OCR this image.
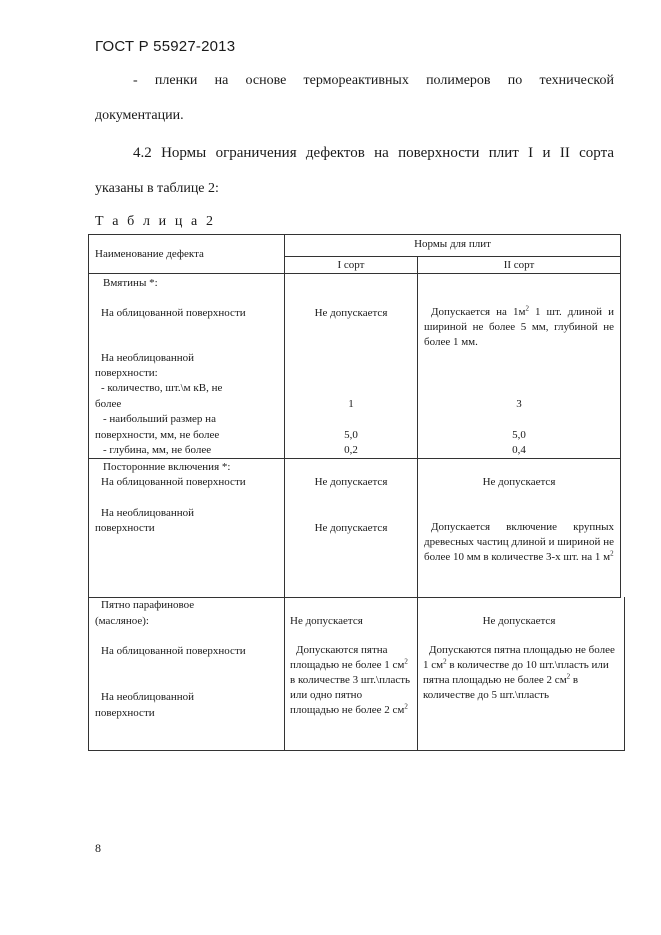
ГОСТ Р 55927-2013
- пленки на основе термореактивных полимеров по технической
документации.
4.2 Нормы ограничения дефектов на поверхности плит I и II сорта
указаны в таблице 2:
Т а б л и ц а 2
Наименование дефекта
Нормы для плит
I сорт	II сорт
Вмятины *:
На облицованной поверхности
На необлицованной
поверхности:
- количество, шт.\м кВ, не
более
- наибольший размер на
поверхности, мм, не более
- глубина, мм, не более
Не допускается
1
5,0
0,2
Допускается на $1м^2$ 1 шт. длиной и шириной не более 5 мм, глубиной не более 1 мм.
3
5,0
0,4
Посторонние включения *:
На облицованной поверхности
На необлицованной
поверхности
Не допускается
Не допускается
Не допускается
Допускается включение крупных древесных частиц длиной и шириной не более 10 мм в количестве 3-х шт. на 1 $м^2$
Пятно парафиновое
(масляное):
На облицованной поверхности
На необлицованной
поверхности
Не допускается	Не допускается
Допускаются пятна площадью не более 1 $см^2$ в количестве 3 шт.\пласть или одно пятно площадью не более 2 $см^2$
Допускаются пятна площадью не более 1 $см^2$ в количестве до 10 шт.\пласть или пятна площадью не более 2 $см^2$ в количестве до 5 шт.\пласть
8
